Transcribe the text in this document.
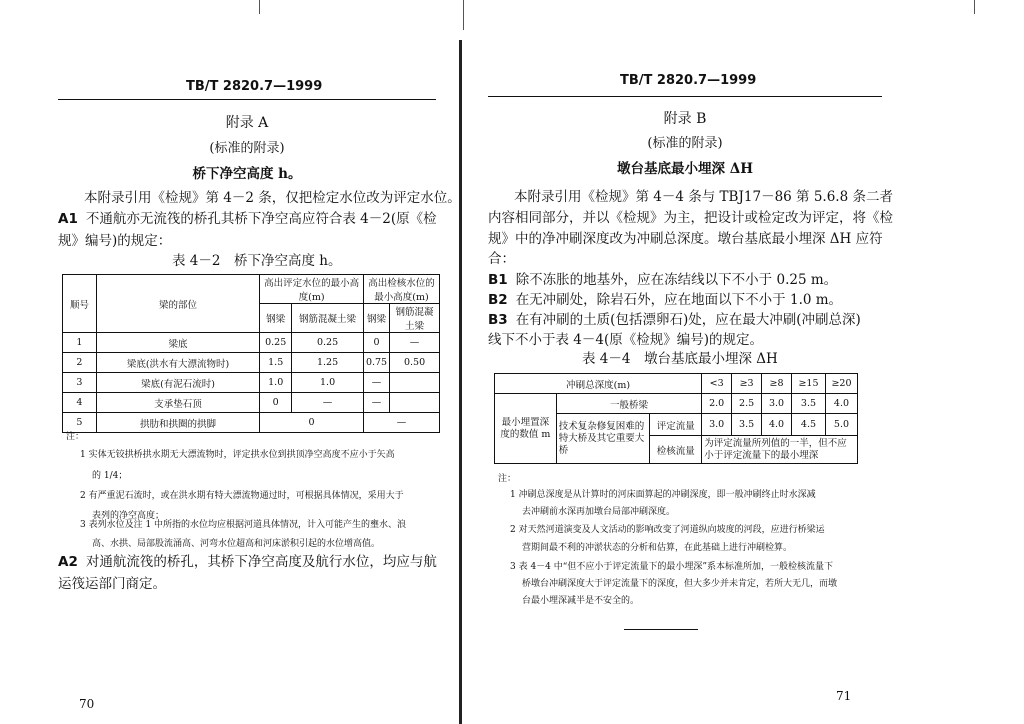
TB/T 2820.7—1999
附录 A
(标准的附录)
桥下净空高度 h。
本附录引用《检规》第 4－2 条，仅把检定水位改为评定水位。
A1 不通航亦无流筏的桥孔其桥下净空高应符合表 4－2(原《检
规》编号)的规定：
表 4－2　桥下净空高度 h。
顺号	梁的部位	高出评定水位的最小高度(m)		高出检核水位的最小高度(m)	
		钢梁	钢筋混凝土梁	钢梁	钢筋混凝土梁
1	梁底	0.25	0.25	0	—
2	梁底(洪水有大漂流物时)	1.5	1.25	0.75	0.50
3	梁底(有泥石流时)	1.0	1.0	—	
4	支承垫石顶	0	—	—	
5	拱肋和拱圈的拱脚	0		—	
注：
1 实体无铰拱桥拱水期无大漂流物时，评定拱水位到拱顶净空高度不应小于矢高
的 1/4；
2 有严重泥石流时，或在洪水期有特大漂流物通过时，可根据具体情况，采用大于
表列的净空高度；
3 表列水位及注 1 中所指的水位均应根据河道具体情况，计入可能产生的壅水、浪
高、水拱、局部股流涌高、河弯水位超高和河床淤积引起的水位增高值。
A2 对通航流筏的桥孔，其桥下净空高度及航行水位，均应与航
运筏运部门商定。
70
TB/T 2820.7—1999
附录 B
(标准的附录)
墩台基底最小埋深 ΔH
本附录引用《检规》第 4－4 条与 TBJ17－86 第 5.6.8 条二者
内容相同部分，并以《检规》为主，把设计或检定改为评定，将《检
规》中的净冲刷深度改为冲刷总深度。墩台基底最小埋深 ΔH 应符
合：
B1 除不冻胀的地基外，应在冻结线以下不小于 0.25 m。
B2 在无冲刷处，除岩石外，应在地面以下不小于 1.0 m。
B3 在有冲刷的土质(包括漂卵石)处，应在最大冲刷(冲刷总深)
线下不小于表 4－4(原《检规》编号)的规定。
表 4－4　墩台基底最小埋深 ΔH
冲刷总深度(m)			<3	≥3	≥8	≥15	≥20
最小埋置深度的数值 m	一般桥梁		2.0	2.5	3.0	3.5	4.0
	技术复杂修复困难的特大桥及其它重要大桥	评定流量	3.0	3.5	4.0	4.5	5.0
		检核流量	为评定流量所列值的一半，但不应小于评定流量下的最小埋深				
注：
1 冲刷总深度是从计算时的河床面算起的冲刷深度，即一般冲刷终止时水深减
去冲刷前水深再加墩台局部冲刷深度。
2 对天然河道演变及人文活动的影响改变了河道纵向坡度的河段，应进行桥梁运
营期间最不利的冲淤状态的分析和估算，在此基础上进行冲刷检算。
3 表 4－4 中“但不应小于评定流量下的最小埋深”系本标准所加，一般检核流量下
桥墩台冲刷深度大于评定流量下的深度，但大多少并未肯定，若所大无几，而墩
台最小埋深减半是不安全的。
71
